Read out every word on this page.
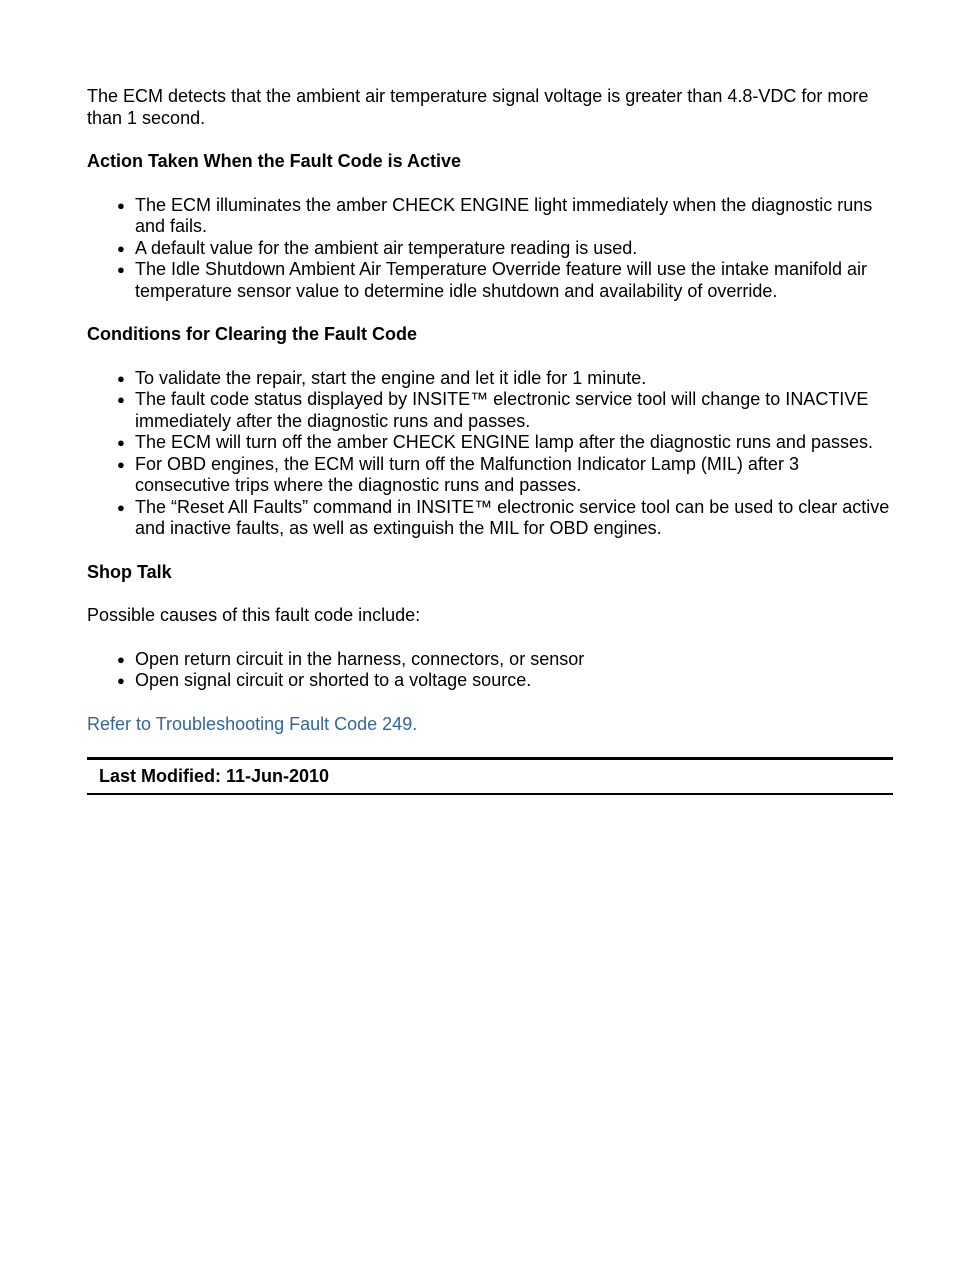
The ECM detects that the ambient air temperature signal voltage is greater than 4.8-VDC for more than 1 second.

Action Taken When the Fault Code is Active

● The ECM illuminates the amber CHECK ENGINE light immediately when the diagnostic runs and fails.
● A default value for the ambient air temperature reading is used.
● The Idle Shutdown Ambient Air Temperature Override feature will use the intake manifold air temperature sensor value to determine idle shutdown and availability of override.

Conditions for Clearing the Fault Code

● To validate the repair, start the engine and let it idle for 1 minute.
● The fault code status displayed by INSITE™ electronic service tool will change to INACTIVE immediately after the diagnostic runs and passes.
● The ECM will turn off the amber CHECK ENGINE lamp after the diagnostic runs and passes.
● For OBD engines, the ECM will turn off the Malfunction Indicator Lamp (MIL) after 3 consecutive trips where the diagnostic runs and passes.
● The “Reset All Faults” command in INSITE™ electronic service tool can be used to clear active and inactive faults, as well as extinguish the MIL for OBD engines.

Shop Talk

Possible causes of this fault code include:

● Open return circuit in the harness, connectors, or sensor
● Open signal circuit or shorted to a voltage source.
Refer to Troubleshooting Fault Code 249.
Last Modified: 11-Jun-2010
